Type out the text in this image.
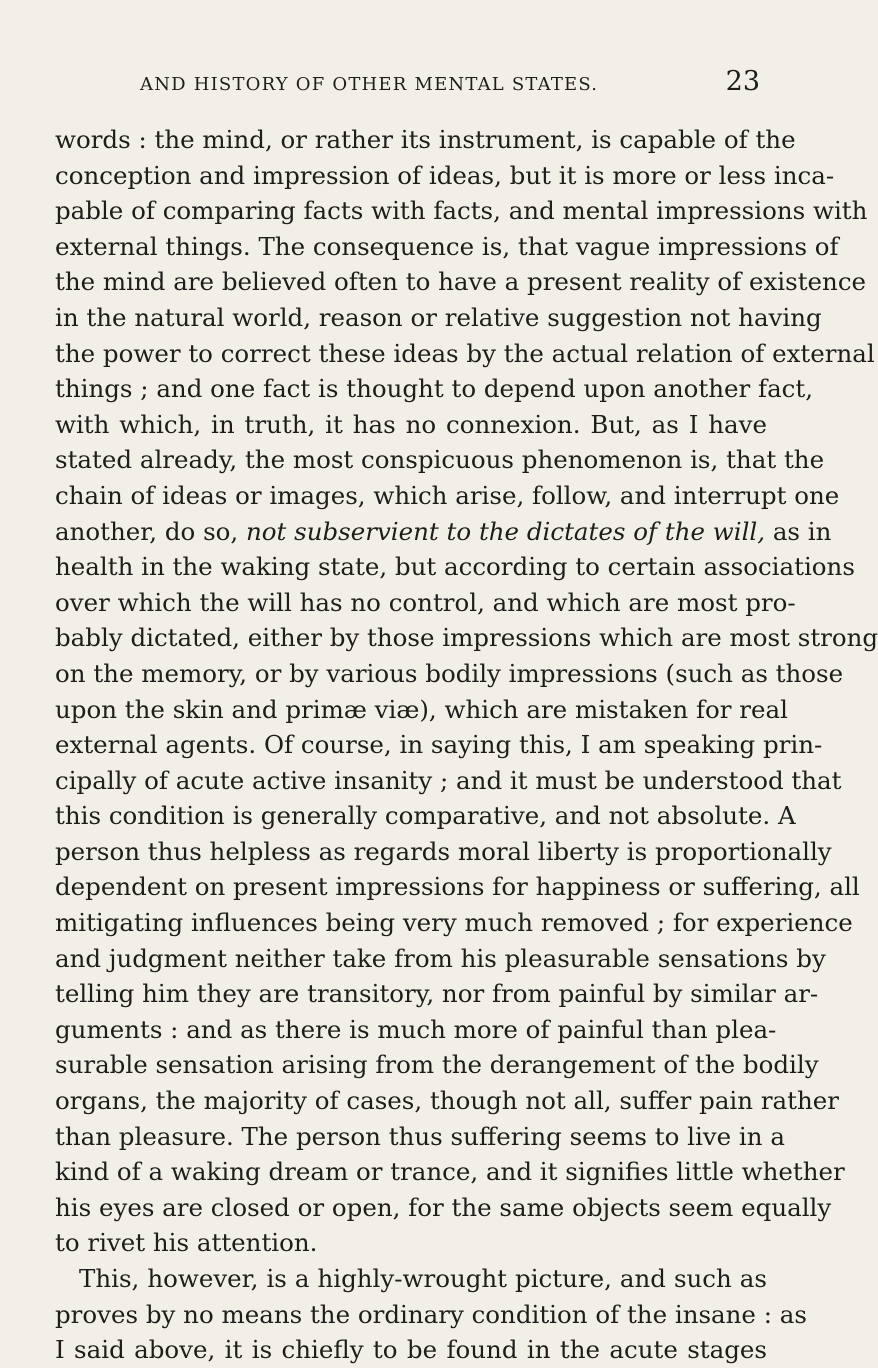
AND HISTORY OF OTHER MENTAL STATES.	23
words : the mind, or rather its instrument, is capable of the
conception and impression of ideas, but it is more or less inca-
pable of comparing facts with facts, and mental impressions with
external things. The consequence is, that vague impressions of
the mind are believed often to have a present reality of existence
in the natural world, reason or relative suggestion not having
the power to correct these ideas by the actual relation of external
things ; and one fact is thought to depend upon another fact,
with which, in truth, it has no connexion. But, as I have
stated already, the most conspicuous phenomenon is, that the
chain of ideas or images, which arise, follow, and interrupt one
another, do so, not subservient to the dictates of the will, as in
health in the waking state, but according to certain associations
over which the will has no control, and which are most pro-
bably dictated, either by those impressions which are most strong
on the memory, or by various bodily impressions (such as those
upon the skin and primæ viæ), which are mistaken for real
external agents. Of course, in saying this, I am speaking prin-
cipally of acute active insanity ; and it must be understood that
this condition is generally comparative, and not absolute. A
person thus helpless as regards moral liberty is proportionally
dependent on present impressions for happiness or suffering, all
mitigating influences being very much removed ; for experience
and judgment neither take from his pleasurable sensations by
telling him they are transitory, nor from painful by similar ar-
guments : and as there is much more of painful than plea-
surable sensation arising from the derangement of the bodily
organs, the majority of cases, though not all, suffer pain rather
than pleasure. The person thus suffering seems to live in a
kind of a waking dream or trance, and it signifies little whether
his eyes are closed or open, for the same objects seem equally
to rivet his attention.
This, however, is a highly-wrought picture, and such as
proves by no means the ordinary condition of the insane : as
I said above, it is chiefly to be found in the acute stages
